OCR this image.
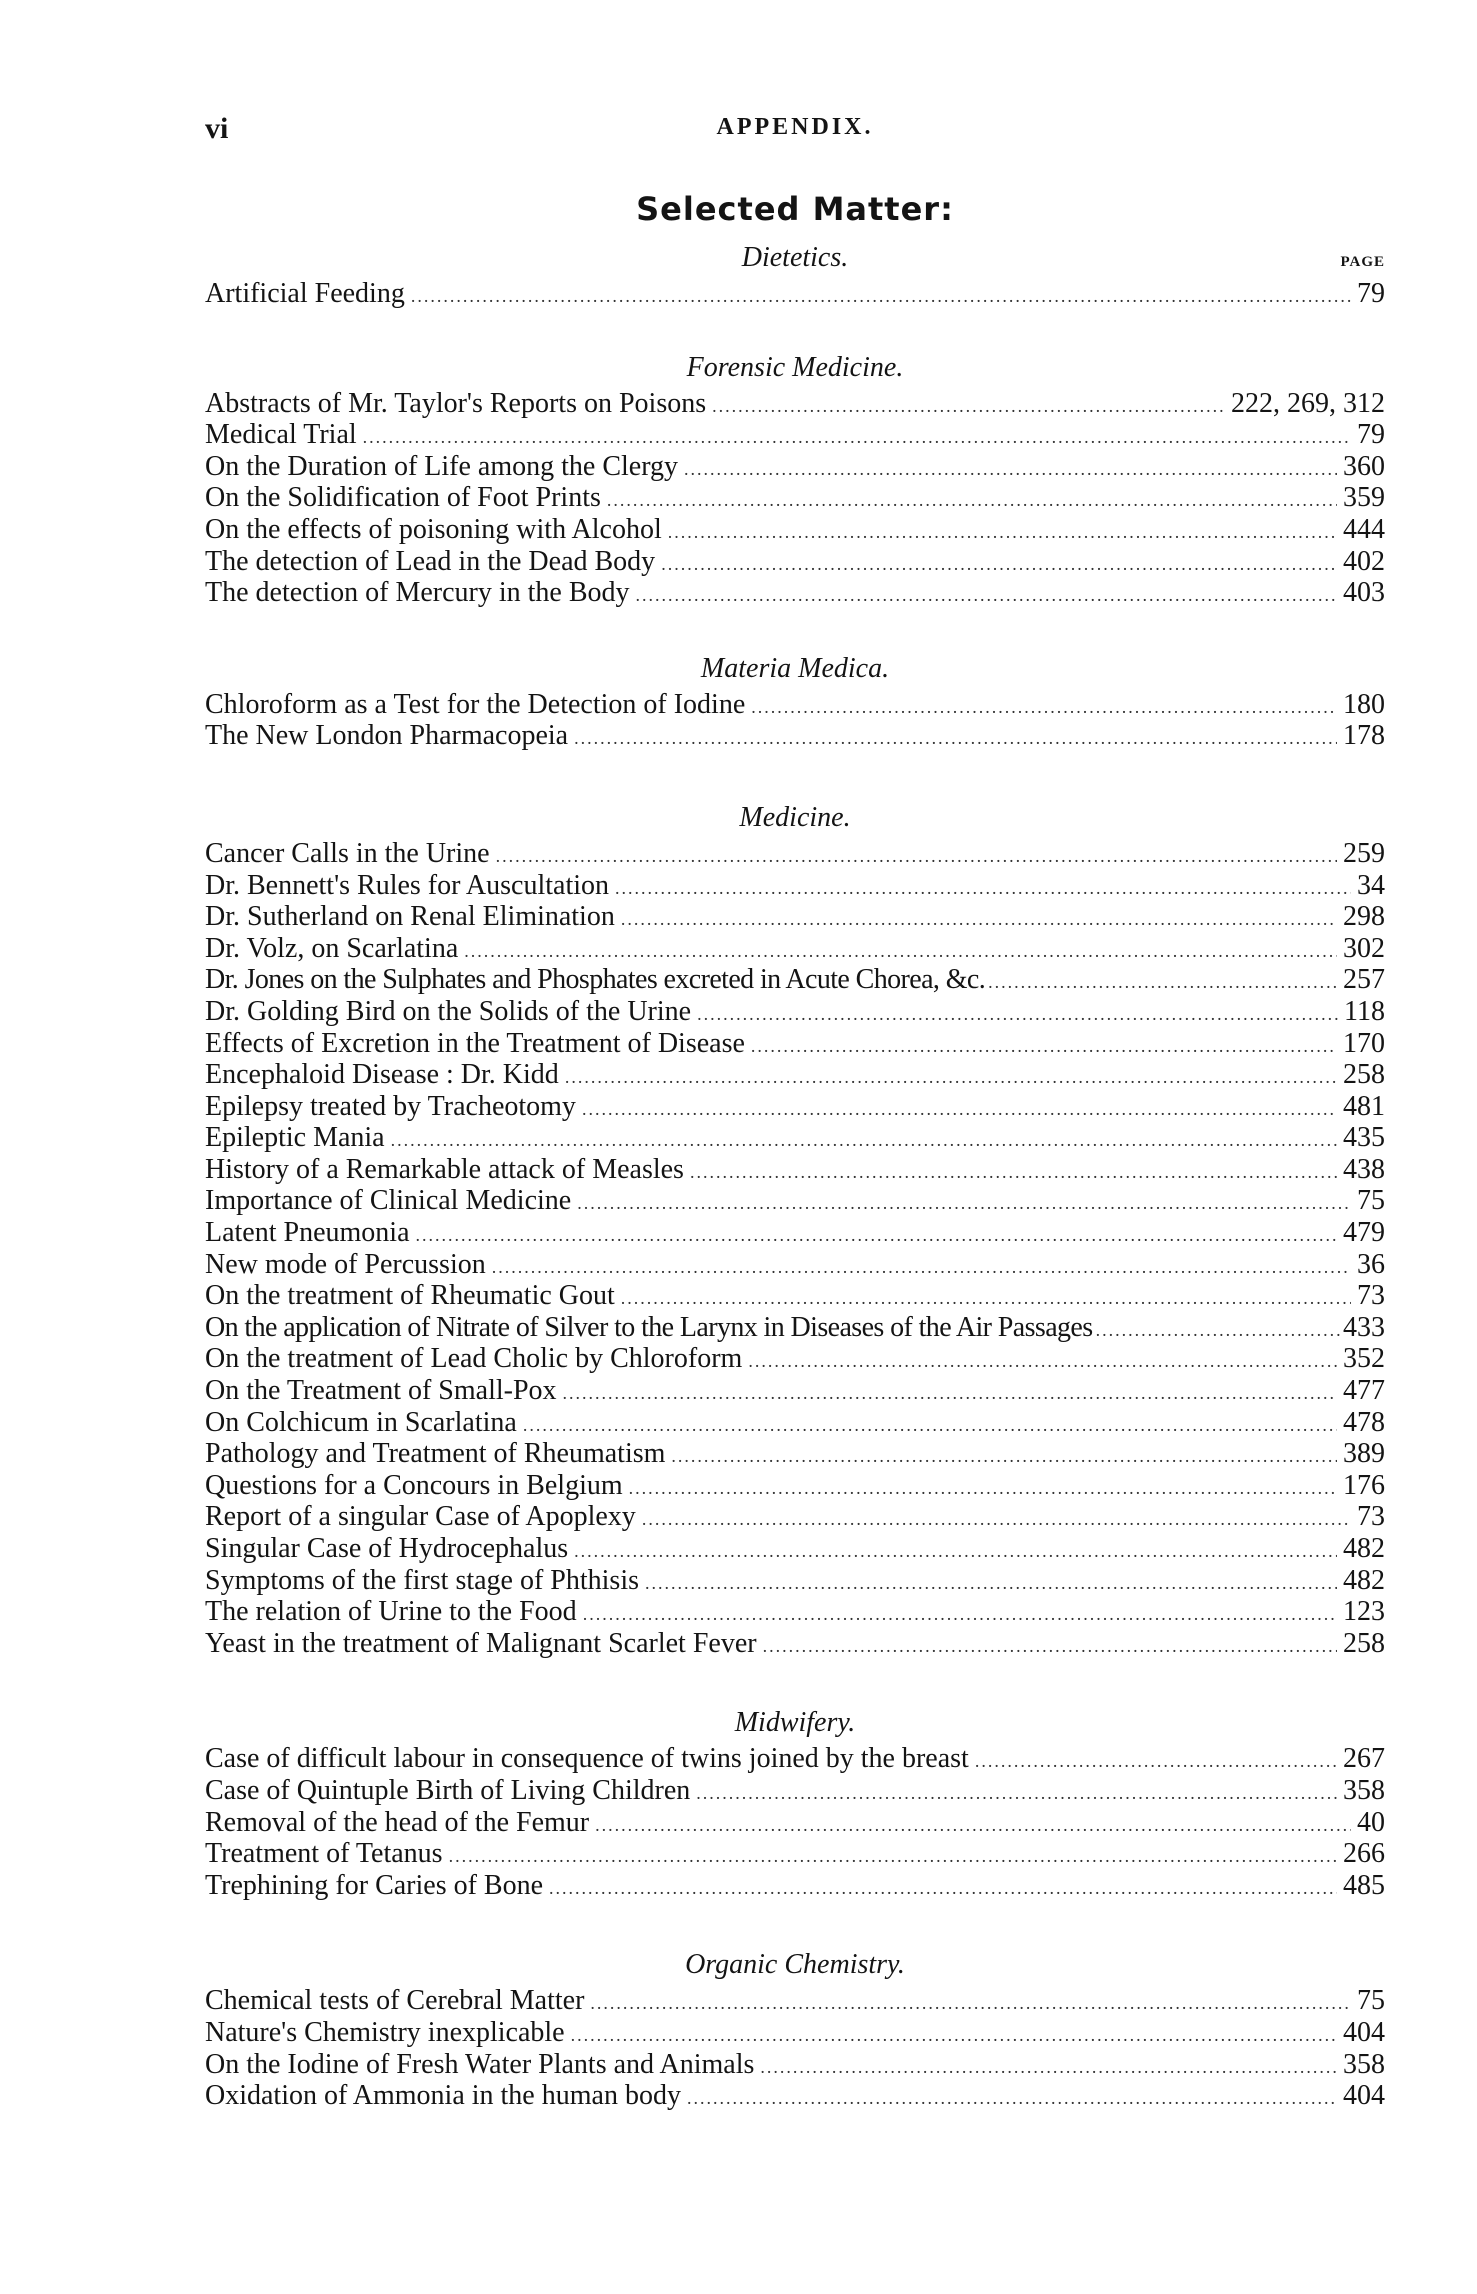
vi	APPENDIX.
Selected Matter:
Dietetics.	PAGE
Artificial Feeding .....	79
Forensic Medicine.
Abstracts of Mr. Taylor's Reports on Poisons .....	222, 269, 312
Medical Trial .....	79
On the Duration of Life among the Clergy .....	360
On the Solidification of Foot Prints .....	359
On the effects of poisoning with Alcohol .....	444
The detection of Lead in the Dead Body .....	402
The detection of Mercury in the Body .....	403
Materia Medica.
Chloroform as a Test for the Detection of Iodine .....	180
The New London Pharmacopeia .....	178
Medicine.
Cancer Calls in the Urine .....	259
Dr. Bennett's Rules for Auscultation .....	34
Dr. Sutherland on Renal Elimination .....	298
Dr. Volz, on Scarlatina .....	302
Dr. Jones on the Sulphates and Phosphates excreted in Acute Chorea, &c. .....	257
Dr. Golding Bird on the Solids of the Urine .....	118
Effects of Excretion in the Treatment of Disease .....	170
Encephaloid Disease : Dr. Kidd .....	258
Epilepsy treated by Tracheotomy .....	481
Epileptic Mania .....	435
History of a Remarkable attack of Measles .....	438
Importance of Clinical Medicine .....	75
Latent Pneumonia .....	479
New mode of Percussion .....	36
On the treatment of Rheumatic Gout .....	73
On the application of Nitrate of Silver to the Larynx in Diseases of the Air Passages .....	433
On the treatment of Lead Cholic by Chloroform .....	352
On the Treatment of Small-Pox .....	477
On Colchicum in Scarlatina .....	478
Pathology and Treatment of Rheumatism .....	389
Questions for a Concours in Belgium .....	176
Report of a singular Case of Apoplexy .....	73
Singular Case of Hydrocephalus .....	482
Symptoms of the first stage of Phthisis .....	482
The relation of Urine to the Food .....	123
Yeast in the treatment of Malignant Scarlet Fever .....	258
Midwifery.
Case of difficult labour in consequence of twins joined by the breast .....	267
Case of Quintuple Birth of Living Children .....	358
Removal of the head of the Femur .....	40
Treatment of Tetanus .....	266
Trephining for Caries of Bone .....	485
Organic Chemistry.
Chemical tests of Cerebral Matter .....	75
Nature's Chemistry inexplicable .....	404
On the Iodine of Fresh Water Plants and Animals .....	358
Oxidation of Ammonia in the human body .....	404
